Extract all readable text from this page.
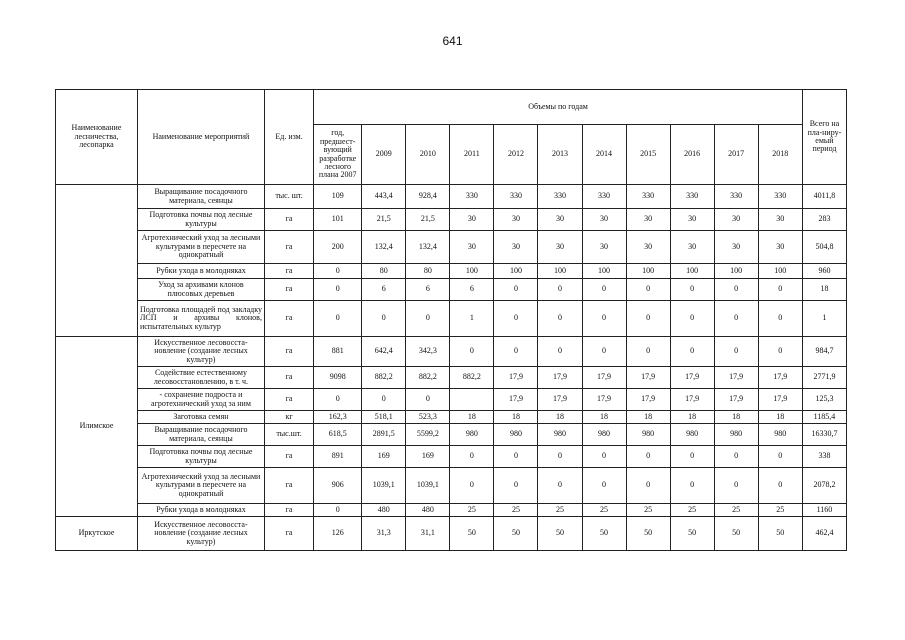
641
Наименование лесничества, лесопарка	Наименование мероприятий	Ед. изм.	Объемы по годам											Всего на пла-ниру-емый период
			год, предшест-вующий разработке лесного плана 2007	2009	2010	2011	2012	2013	2014	2015	2016	2017	2018	
	Выращивание посадочного материала, сеянцы	тыс. шт.	109	443,4	928,4	330	330	330	330	330	330	330	330	4011,8
	Подготовка почвы под лесные культуры	га	101	21,5	21,5	30	30	30	30	30	30	30	30	283
	Агротехнический уход за лесными культурами в пересчете на однократный	га	200	132,4	132,4	30	30	30	30	30	30	30	30	504,8
	Рубки ухода в молодняках	га	0	80	80	100	100	100	100	100	100	100	100	960
	Уход за архивами клонов плюсовых деревьев	га	0	6	6	6	0	0	0	0	0	0	0	18
	Подготовка площадей под закладку ЛСП и архивы клонов, испытательных культур	га	0	0	0	1	0	0	0	0	0	0	0	1
Илимское	Искусственное лесовосста-новление (создание лесных культур)	га	881	642,4	342,3	0	0	0	0	0	0	0	0	984,7
	Содействие естественному лесовосстановлению, в т. ч.	га	9098	882,2	882,2	882,2	17,9	17,9	17,9	17,9	17,9	17,9	17,9	2771,9
	- сохранение подроста и агротехнический уход за ним	га	0	0	0		17,9	17,9	17,9	17,9	17,9	17,9	17,9	125,3
	Заготовка семян	кг	162,3	518,1	523,3	18	18	18	18	18	18	18	18	1185,4
	Выращивание посадочного материала, сеянцы	тыс.шт.	618,5	2891,5	5599,2	980	980	980	980	980	980	980	980	16330,7
	Подготовка почвы под лесные культуры	га	891	169	169	0	0	0	0	0	0	0	0	338
	Агротехнический уход за лесными культурами в пересчете на однократный	га	906	1039,1	1039,1	0	0	0	0	0	0	0	0	2078,2
	Рубки ухода в молодняках	га	0	480	480	25	25	25	25	25	25	25	25	1160
Иркутское	Искусственное лесовосста-новление (создание лесных культур)	га	126	31,3	31,1	50	50	50	50	50	50	50	50	462,4
